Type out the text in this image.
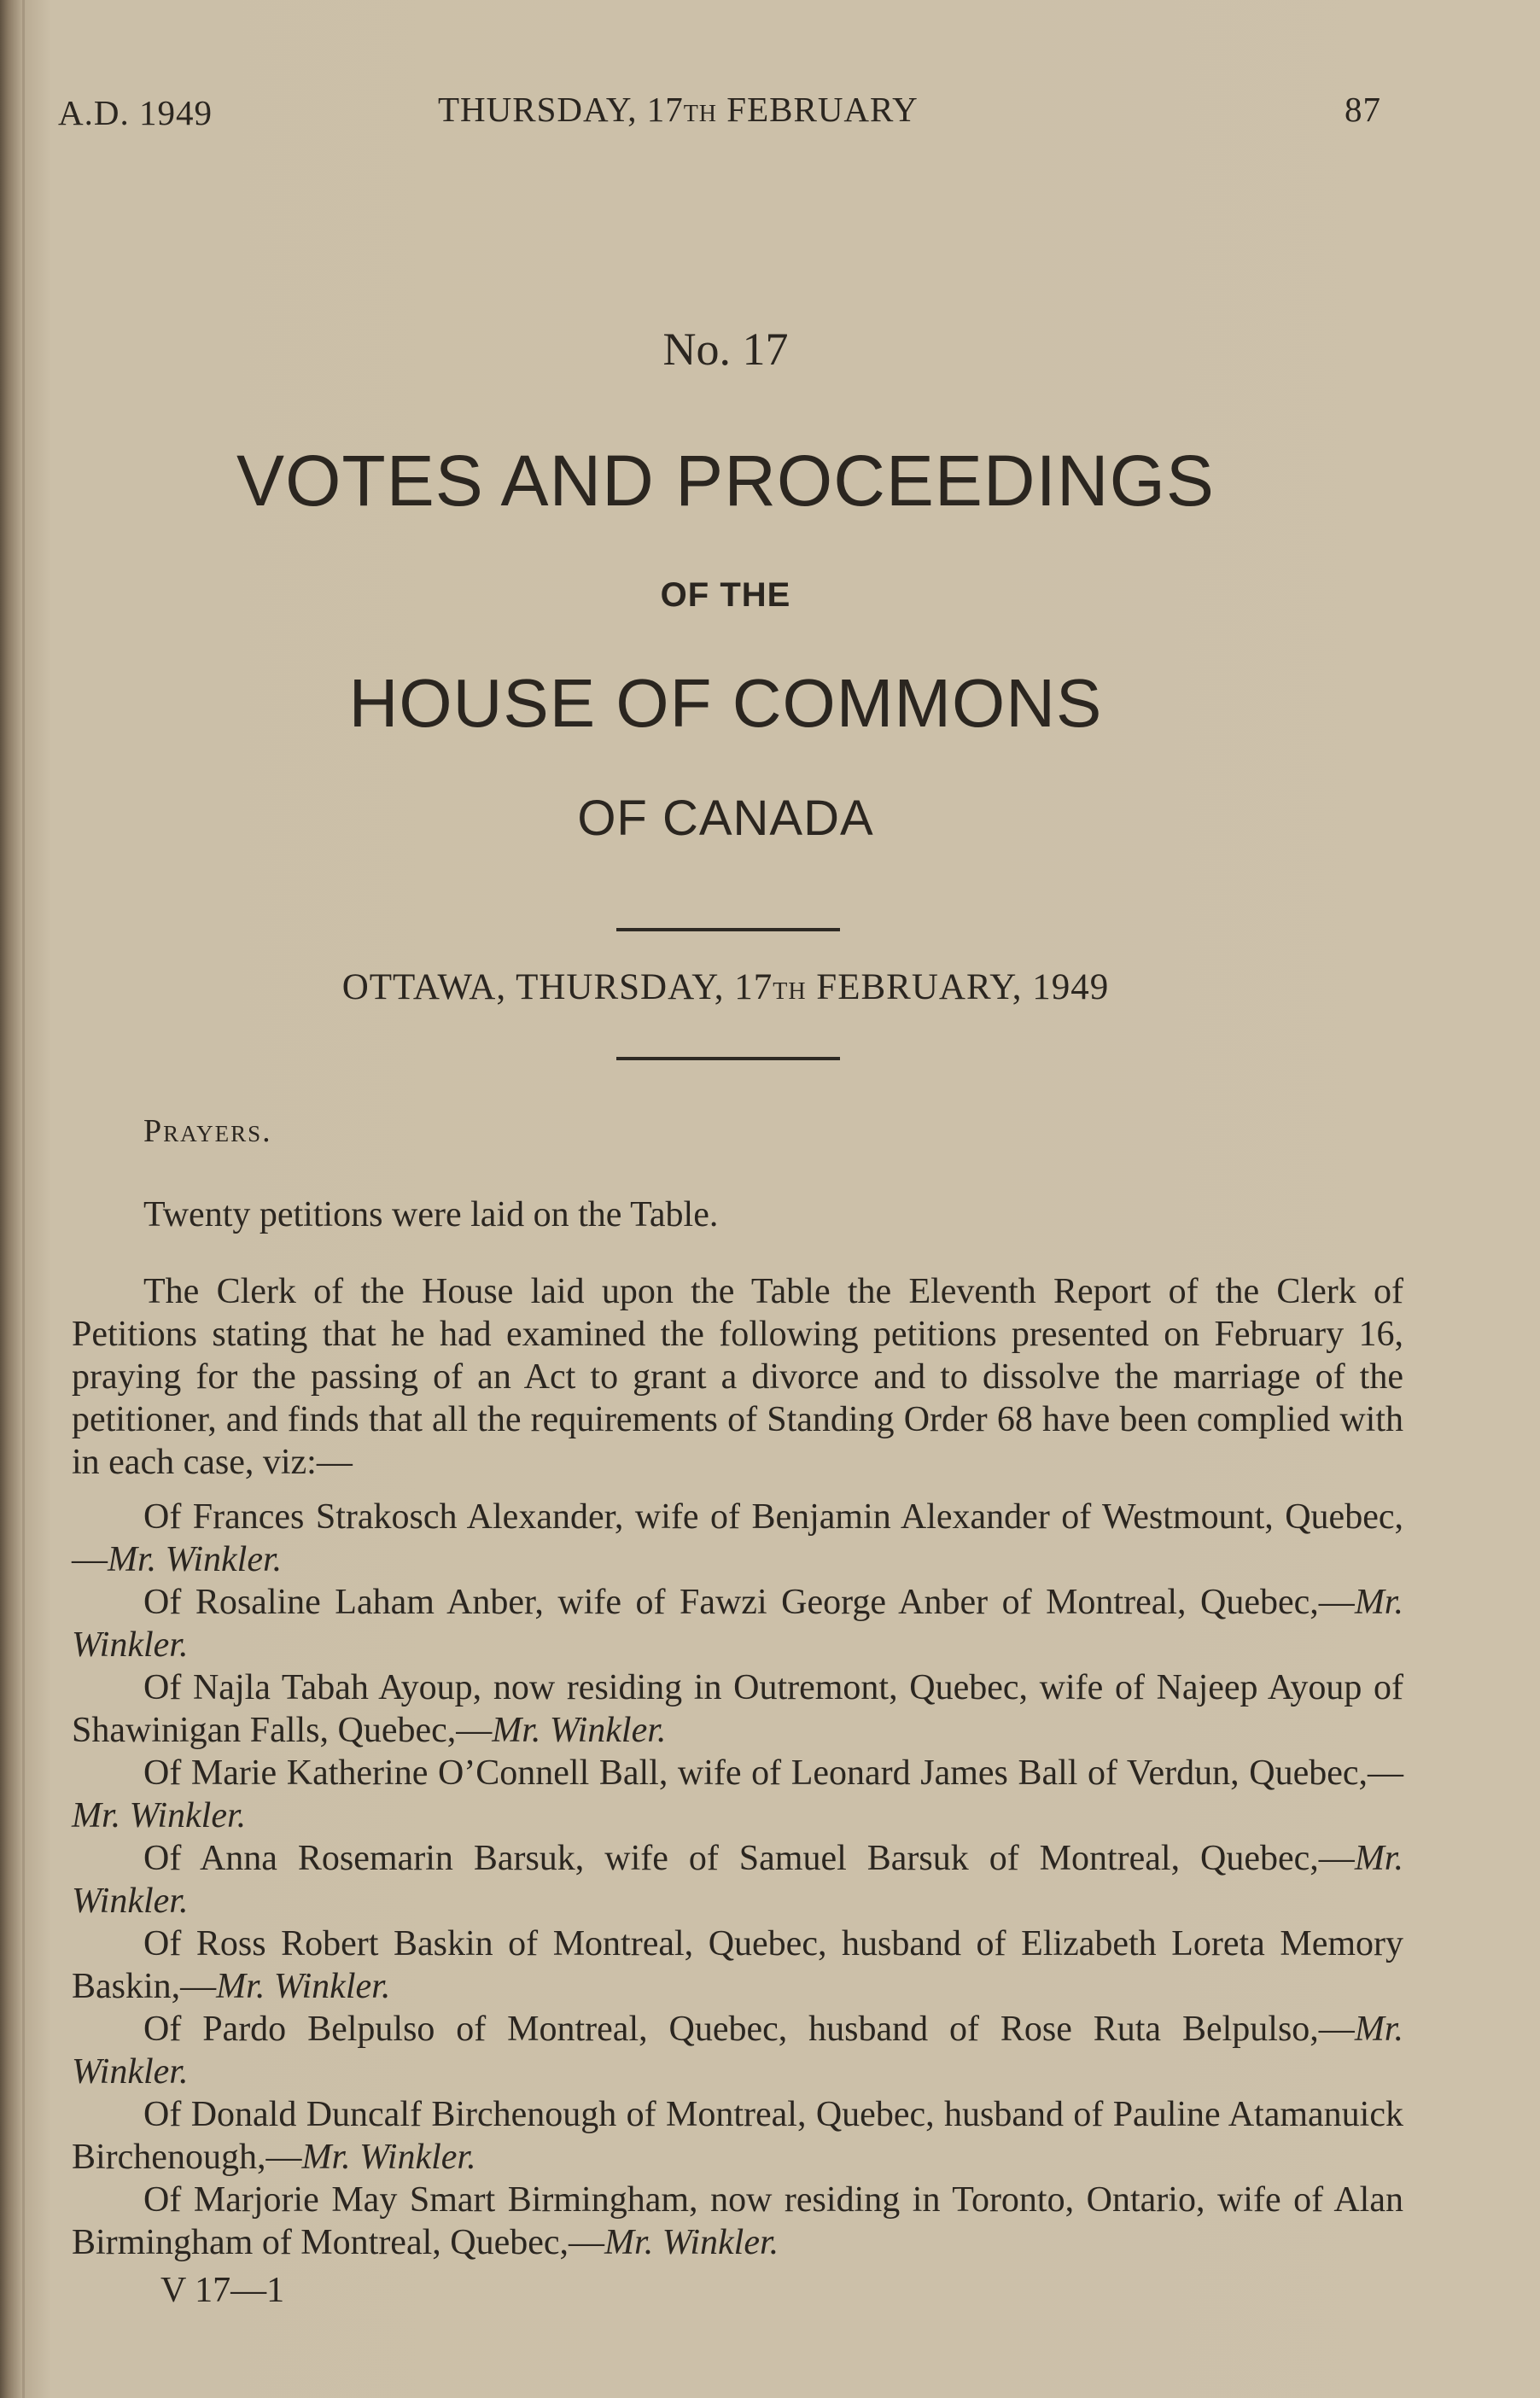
A.D. 1949	THURSDAY, 17TH FEBRUARY	87
No. 17
VOTES AND PROCEEDINGS
OF THE
HOUSE OF COMMONS
OF CANADA
OTTAWA, THURSDAY, 17TH FEBRUARY, 1949

Prayers.

Twenty petitions were laid on the Table.

The Clerk of the House laid upon the Table the Eleventh Report of the Clerk of Petitions stating that he had examined the following petitions presented on February 16, praying for the passing of an Act to grant a divorce and to dissolve the marriage of the petitioner, and finds that all the requirements of Standing Order 68 have been complied with in each case, viz:—

Of Frances Strakosch Alexander, wife of Benjamin Alexander of Westmount, Quebec,—Mr. Winkler.

Of Rosaline Laham Anber, wife of Fawzi George Anber of Montreal, Quebec,—Mr. Winkler.

Of Najla Tabah Ayoup, now residing in Outremont, Quebec, wife of Najeep Ayoup of Shawinigan Falls, Quebec,—Mr. Winkler.

Of Marie Katherine O’Connell Ball, wife of Leonard James Ball of Verdun, Quebec,—Mr. Winkler.

Of Anna Rosemarin Barsuk, wife of Samuel Barsuk of Montreal, Quebec,—Mr. Winkler.

Of Ross Robert Baskin of Montreal, Quebec, husband of Elizabeth Loreta Memory Baskin,—Mr. Winkler.

Of Pardo Belpulso of Montreal, Quebec, husband of Rose Ruta Belpulso,—Mr. Winkler.

Of Donald Duncalf Birchenough of Montreal, Quebec, husband of Pauline Atamanuick Birchenough,—Mr. Winkler.

Of Marjorie May Smart Birmingham, now residing in Toronto, Ontario, wife of Alan Birmingham of Montreal, Quebec,—Mr. Winkler.

V 17—1
